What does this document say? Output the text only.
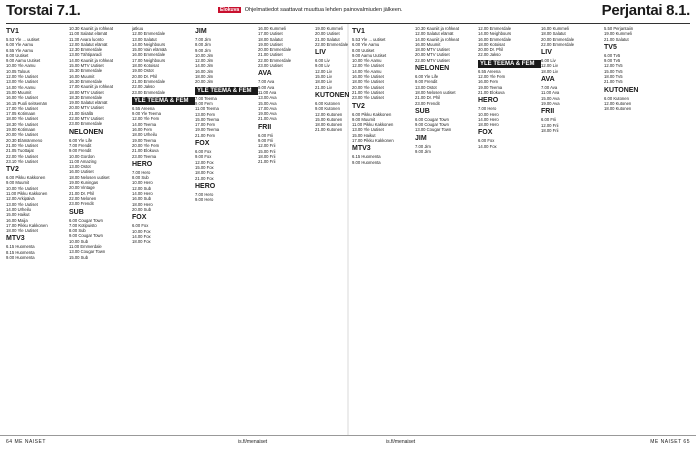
Torstai 7.1.	Elokuva Ohjelmatiedot saattavat muuttua lehden painovalmiuden jälkeen.	Perjantai 8.1.
TV1
5.53 Yle ... uutiset
6.00 Yle Aamu
6.55 Yle Aamu
8.00 Uutiset
9.00 Aamu Uutiset
10.00 Yle Aamu
10.05 Talous
12.00 Yle Uutiset
13.00 Yle Uutiset
14.00 Yle Aamu
15.00 Muumit
16.00 Yle Uutiset
16.15 Puoli seitsemän
17.00 Yle Uutiset
17.05 Kotimaan
18.00 Yle Uutiset
18.30 Yle Uutiset
19.00 Kotimaan
20.00 Yle Uutiset
20.30 Elämänmeno
21.00 Yle Uutiset
21.05 Tuottajat
22.00 Yle Uutiset
23.10 Yle Uutiset
TV2
6.00 Pikku Kakkonen
9.00 Muumit
10.00 Yle Uutiset
11.00 Pikku Kakkonen
12.00 Arkipäivä
13.00 Yle Uutiset
14.00 Urheilu
15.00 Haikut
16.00 Maija
17.00 Pikku Kakkonen
18.00 Yle Uutiset
MTV3
6.15 Huomenta
8.15 Huomenta
9.00 Huomenta
10.30 Kauniit ja rohkeat
11.00 Salatut elämät
11.30 Avara luonto
12.00 Salatut elämät
12.30 Emmerdale
13.00 Tähtiparadi
14.00 Kauniit ja rohkeat
15.00 MTV Uutiset
15.30 Emmerdale
16.00 Muumit
16.30 Emmerdale
17.00 Kauniit ja rohkeat
18.00 MTV Uutiset
18.30 Emmerdale
19.00 Salatut elämät
20.00 MTV Uutiset
21.00 Sisällä
22.00 MTV Uutiset
23.00 Emmerdale
NELONEN
6.00 Yle Life
7.00 Frendit
9.00 Frendit
10.00 Gordon
11.00 Amazing
13.00 Ostot
16.00 Uutiset
18.00 Nelosen uutiset
19.00 Kuningas
20.00 Vintage
21.00 Dr. Phil
22.00 Nelonen
23.00 Frendit
SUB
6.00 Cougar Town
7.00 Kotipuisto
8.00 Sub
9.00 Cougar Town
10.00 Sub
11.00 Emmerdale
13.00 Cougar Town
15.00 Sub
jatkuu
12.00 Emmerdale
13.00 Salatut
14.00 Neighbours
15.00 Vain elämää
16.00 Emmerdale
17.00 Neighbours
18.00 Kotoisat
19.00 Ostot
20.00 Dr. Phil
21.00 Emmerdale
22.00 Jakso
23.00 Emmerdale
YLE TEEMA & FEM
6.55 Areena
9.00 Yle Teema
12.00 Yle Fem
14.00 Teema
16.00 Fem
18.00 Urheilu
19.00 Teema
20.00 Yle Fem
21.00 Elokuva
23.00 Teema
HERO
7.00 Hero
8.00 Sub
10.00 Hero
12.00 Sub
14.00 Hero
16.00 Sub
18.00 Hero
20.00 Sub
FOX
6.00 Fox
10.00 Fox
14.00 Fox
18.00 Fox
JIM
7.00 Jim
8.00 Jim
9.00 Jim
10.00 Jim
12.00 Jim
14.00 Jim
16.00 Jim
18.00 Jim
20.00 Jim
YLE TEEMA & FEM
7.00 Teema
9.00 Fem
11.00 Teema
13.00 Fem
15.00 Teema
17.00 Fem
19.00 Teema
21.00 Fem
FOX
6.00 Fox
9.00 Fox
12.00 Fox
15.00 Fox
18.00 Fox
21.00 Fox
HERO
7.00 Hero
9.00 Hero
16.00 Kummeli
17.00 Uutiset
18.00 Salatut
19.00 Uutiset
20.00 Emmerdale
21.00 Uutiset
22.00 Emmerdale
23.00 Uutiset
AVA
7.00 Ava
9.00 Ava
11.00 Ava
13.00 Ava
15.00 Ava
17.00 Ava
19.00 Ava
21.00 Ava
FRII
6.00 Frii
9.00 Frii
12.00 Frii
15.00 Frii
18.00 Frii
21.00 Frii
19.00 Kummeli
20.00 Uutiset
21.00 Salatut
22.00 Emmerdale
LIV
6.00 Liv
9.00 Liv
12.00 Liv
15.00 Liv
18.00 Liv
21.00 Liv
KUTONEN
6.00 Kutonen
9.00 Kutonen
12.00 Kutonen
15.00 Kutonen
18.00 Kutonen
21.00 Kutonen
TV1
5.53 Yle ... uutiset
6.00 Yle Aamu
8.00 Uutiset
9.00 Aamu Uutiset
10.00 Yle Aamu
12.00 Yle Uutiset
14.00 Yle Aamu
16.00 Yle Uutiset
18.00 Yle Uutiset
20.00 Yle Uutiset
21.00 Yle Uutiset
23.00 Yle Uutiset
TV2
6.00 Pikku Kakkonen
9.00 Muumit
11.00 Pikku Kakkonen
13.00 Yle Uutiset
15.00 Haikut
17.00 Pikku Kakkonen
MTV3
6.15 Huomenta
9.00 Huomenta
10.30 Kauniit ja rohkeat
12.00 Salatut elämät
14.00 Kauniit ja rohkeat
16.00 Muumit
18.00 MTV Uutiset
20.00 MTV Uutiset
22.00 MTV Uutiset
NELONEN
6.00 Yle Life
9.00 Frendit
13.00 Ostot
18.00 Nelosen uutiset
21.00 Dr. Phil
23.00 Frendit
SUB
6.00 Cougar Town
9.00 Cougar Town
13.00 Cougar Town
JIM
7.00 Jim
9.00 Jim
12.00 Emmerdale
14.00 Neighbours
16.00 Emmerdale
18.00 Kotoisat
20.00 Dr. Phil
22.00 Jakso
YLE TEEMA & FEM
6.55 Areena
12.00 Yle Fem
16.00 Fem
19.00 Teema
21.00 Elokuva
HERO
7.00 Hero
10.00 Hero
14.00 Hero
18.00 Hero
FOX
6.00 Fox
14.00 Fox
16.00 Kummeli
18.00 Salatut
20.00 Emmerdale
22.00 Emmerdale
LIV
6.00 Liv
12.00 Liv
18.00 Liv
AVA
7.00 Ava
11.00 Ava
15.00 Ava
19.00 Ava
FRII
6.00 Frii
12.00 Frii
18.00 Frii
5.50 Perjantaiin
19.00 Kummeli
21.00 Salatut
TV5
6.00 Tv5
9.00 Tv5
12.00 Tv5
15.00 Tv5
18.00 Tv5
21.00 Tv5
KUTONEN
6.00 Kutonen
12.00 Kutonen
18.00 Kutonen
64 ME NAISET	is.fi/menaiset	is.fi/menaiset	ME NAISET 65
